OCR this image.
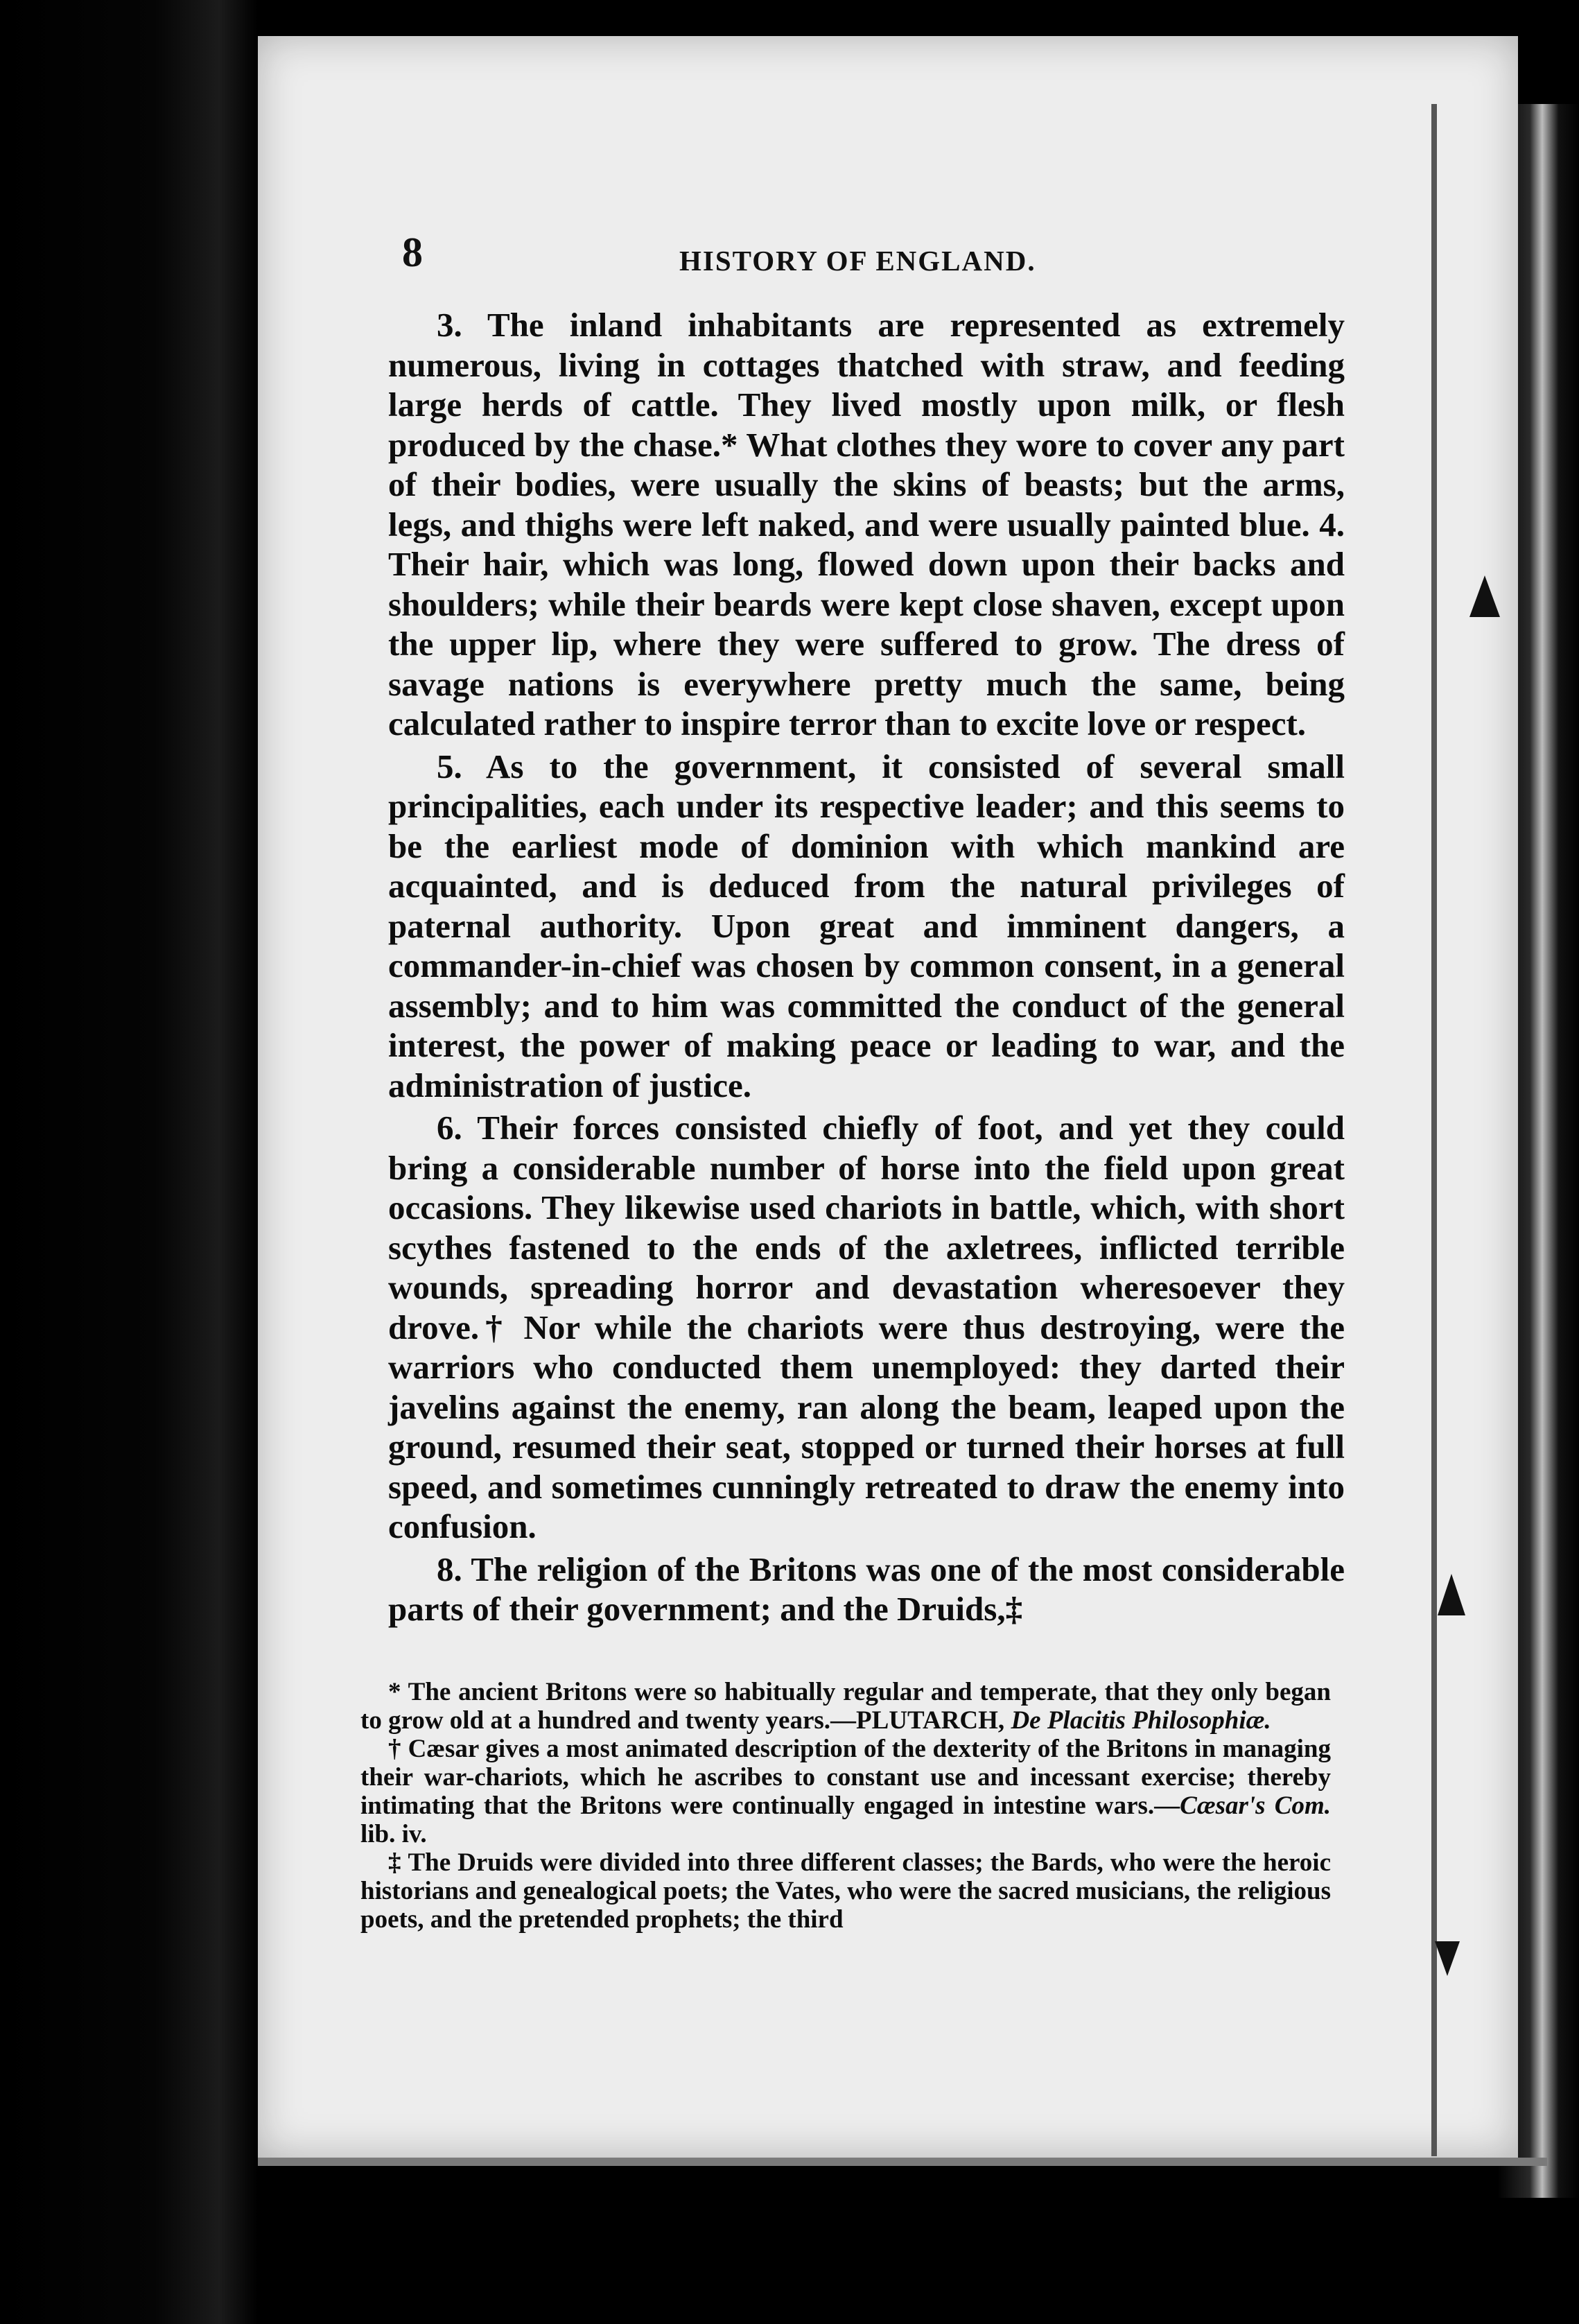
8	HISTORY OF ENGLAND.

3. The inland inhabitants are represented as extremely numerous, living in cottages thatched with straw, and feeding large herds of cattle. They lived mostly upon milk, or flesh produced by the chase.* What clothes they wore to cover any part of their bodies, were usually the skins of beasts; but the arms, legs, and thighs were left naked, and were usually painted blue. 4. Their hair, which was long, flowed down upon their backs and shoulders; while their beards were kept close shaven, except upon the upper lip, where they were suffered to grow. The dress of savage nations is everywhere pretty much the same, being calculated rather to inspire terror than to excite love or respect.

5. As to the government, it consisted of several small principalities, each under its respective leader; and this seems to be the earliest mode of dominion with which mankind are acquainted, and is deduced from the natural privileges of paternal authority. Upon great and imminent dangers, a commander-in-chief was chosen by common consent, in a general assembly; and to him was committed the conduct of the general interest, the power of making peace or leading to war, and the administration of justice.

6. Their forces consisted chiefly of foot, and yet they could bring a considerable number of horse into the field upon great occasions. They likewise used chariots in battle, which, with short scythes fastened to the ends of the axletrees, inflicted terrible wounds, spreading horror and devastation wheresoever they drove.† Nor while the chariots were thus destroying, were the warriors who conducted them unemployed: they darted their javelins against the enemy, ran along the beam, leaped upon the ground, resumed their seat, stopped or turned their horses at full speed, and sometimes cunningly retreated to draw the enemy into confusion.

8. The religion of the Britons was one of the most considerable parts of their government; and the Druids,‡

* The ancient Britons were so habitually regular and temperate, that they only began to grow old at a hundred and twenty years.—PLUTARCH, De Placitis Philosophiæ.

† Cæsar gives a most animated description of the dexterity of the Britons in managing their war-chariots, which he ascribes to constant use and incessant exercise; thereby intimating that the Britons were continually engaged in intestine wars.—Cæsar's Com. lib. iv.

‡ The Druids were divided into three different classes; the Bards, who were the heroic historians and genealogical poets; the Vates, who were the sacred musicians, the religious poets, and the pretended prophets; the third
